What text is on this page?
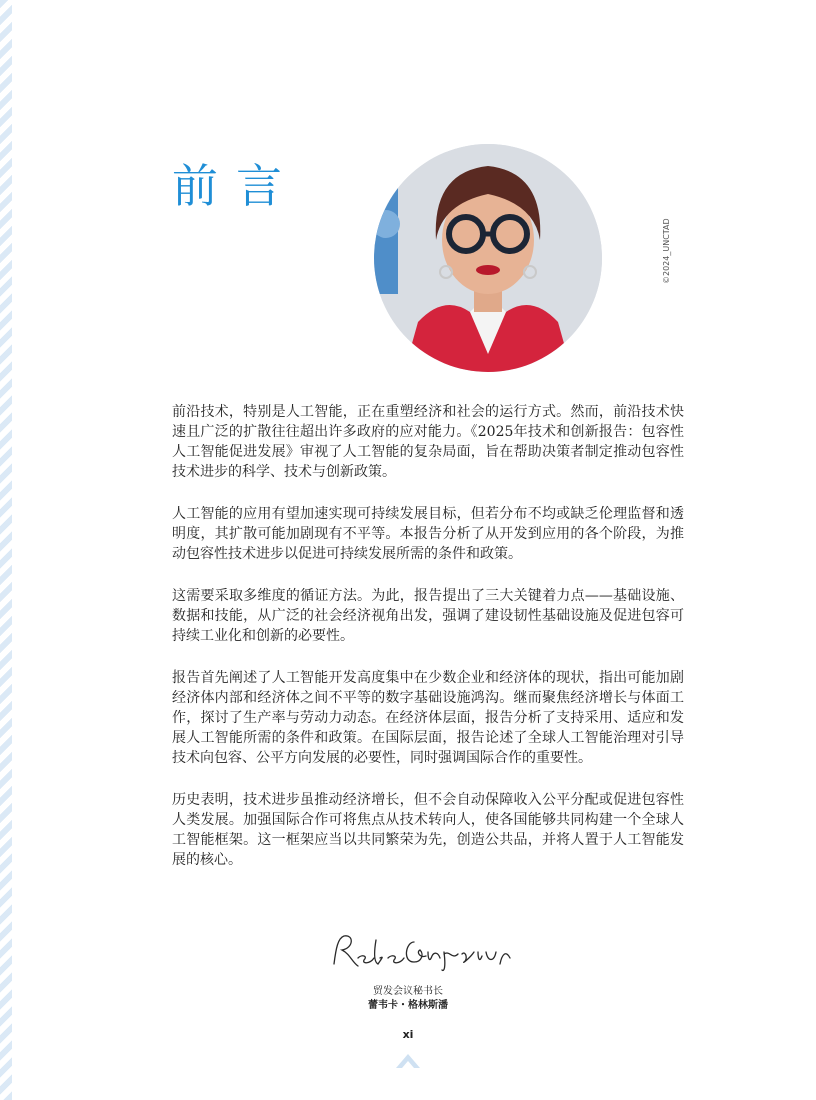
前言
©2024_UNCTAD

前沿技术，特别是人工智能，正在重塑经济和社会的运行方式。然而，前沿技术快速且广泛的扩散往往超出许多政府的应对能力。《2025年技术和创新报告：包容性人工智能促进发展》审视了人工智能的复杂局面，旨在帮助决策者制定推动包容性技术进步的科学、技术与创新政策。

人工智能的应用有望加速实现可持续发展目标，但若分布不均或缺乏伦理监督和透明度，其扩散可能加剧现有不平等。本报告分析了从开发到应用的各个阶段，为推动包容性技术进步以促进可持续发展所需的条件和政策。

这需要采取多维度的循证方法。为此，报告提出了三大关键着力点——基础设施、数据和技能，从广泛的社会经济视角出发，强调了建设韧性基础设施及促进包容可持续工业化和创新的必要性。

报告首先阐述了人工智能开发高度集中在少数企业和经济体的现状，指出可能加剧经济体内部和经济体之间不平等的数字基础设施鸿沟。继而聚焦经济增长与体面工作，探讨了生产率与劳动力动态。在经济体层面，报告分析了支持采用、适应和发展人工智能所需的条件和政策。在国际层面，报告论述了全球人工智能治理对引导技术向包容、公平方向发展的必要性，同时强调国际合作的重要性。

历史表明，技术进步虽推动经济增长，但不会自动保障收入公平分配或促进包容性人类发展。加强国际合作可将焦点从技术转向人，使各国能够共同构建一个全球人工智能框架。这一框架应当以共同繁荣为先，创造公共品，并将人置于人工智能发展的核心。

贸发会议秘书长
蕾韦卡・格林斯潘
xi
